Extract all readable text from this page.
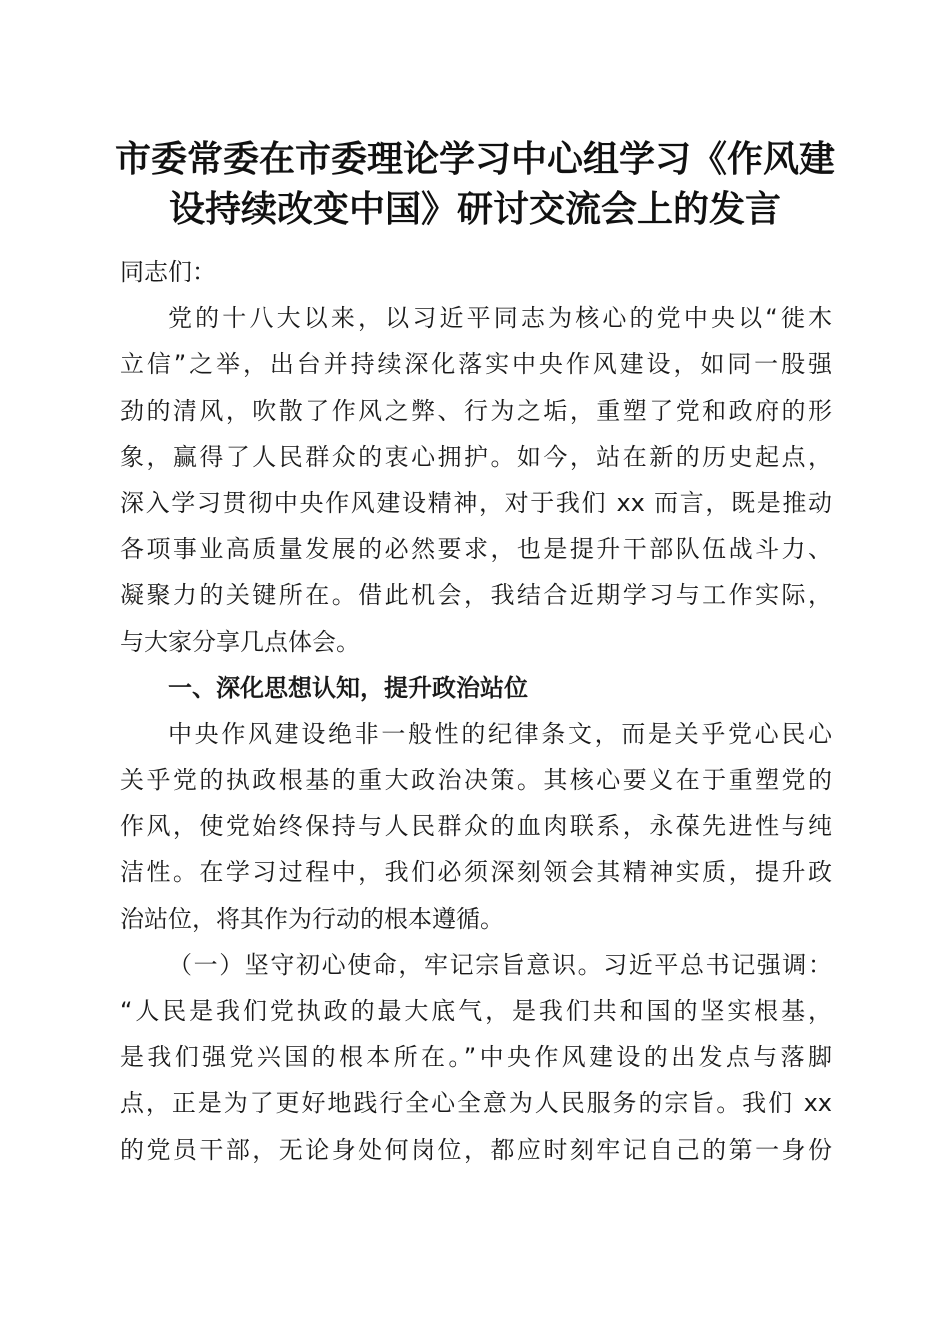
市委常委在市委理论学习中心组学习《作风建
设持续改变中国》研讨交流会上的发言
同志们：
党的十八大以来，以习近平同志为核心的党中央以“徙木
立信”之举，出台并持续深化落实中央作风建设，如同一股强
劲的清风，吹散了作风之弊、行为之垢，重塑了党和政府的形
象，赢得了人民群众的衷心拥护。如今，站在新的历史起点，
深入学习贯彻中央作风建设精神，对于我们 xx 而言，既是推动
各项事业高质量发展的必然要求，也是提升干部队伍战斗力、
凝聚力的关键所在。借此机会，我结合近期学习与工作实际，
与大家分享几点体会。
一、深化思想认知，提升政治站位
中央作风建设绝非一般性的纪律条文，而是关乎党心民心
关乎党的执政根基的重大政治决策。其核心要义在于重塑党的
作风，使党始终保持与人民群众的血肉联系，永葆先进性与纯
洁性。在学习过程中，我们必须深刻领会其精神实质，提升政
治站位，将其作为行动的根本遵循。
（一）坚守初心使命，牢记宗旨意识。习近平总书记强调：
“人民是我们党执政的最大底气，是我们共和国的坚实根基，
是我们强党兴国的根本所在。”中央作风建设的出发点与落脚
点，正是为了更好地践行全心全意为人民服务的宗旨。我们 xx
的党员干部，无论身处何岗位，都应时刻牢记自己的第一身份
